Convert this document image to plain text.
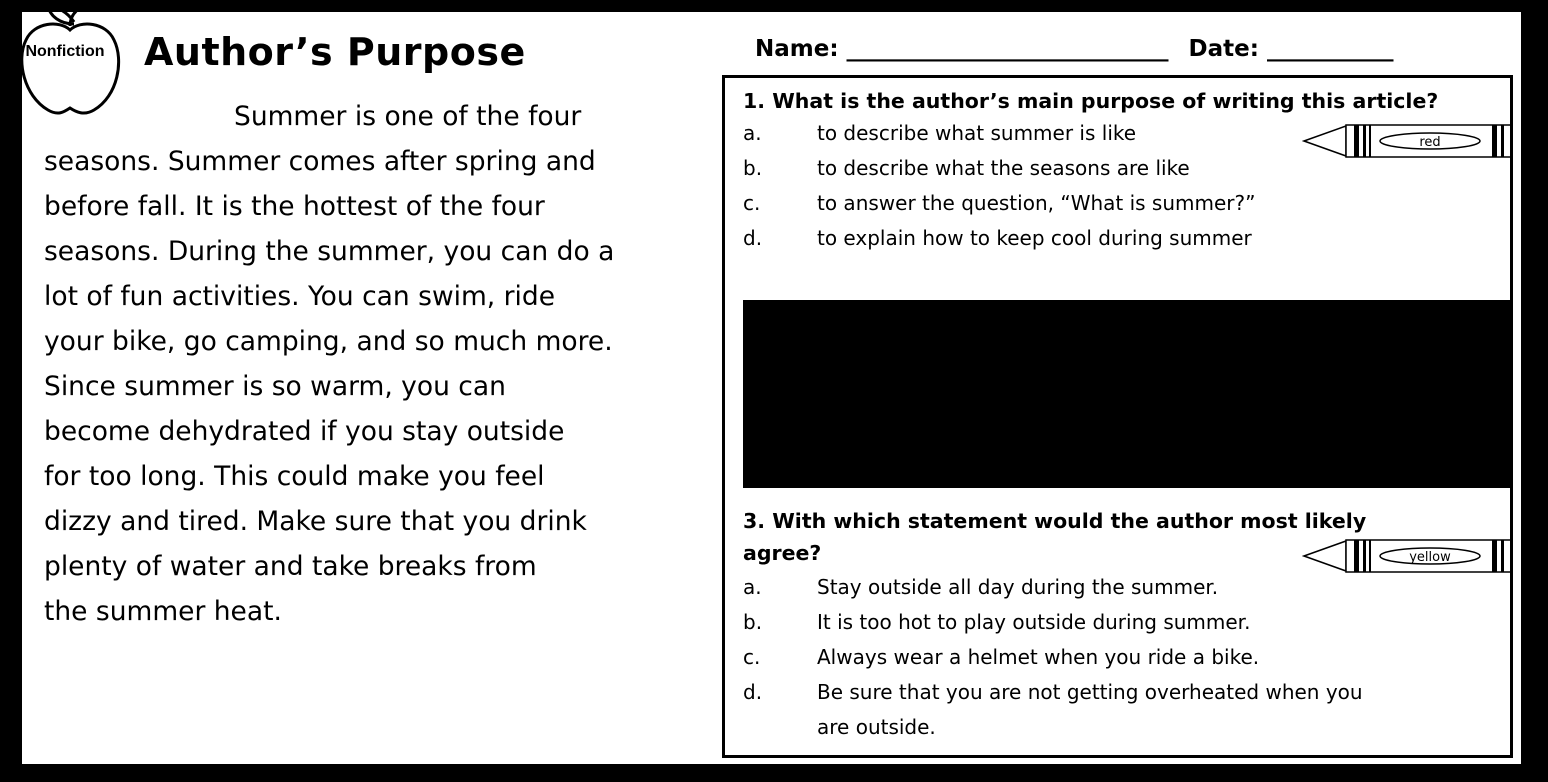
Nonfiction	Author’s Purpose	Name: ____________________________ Date: ___________
Summer is one of the four
seasons. Summer comes after spring and
before fall. It is the hottest of the four
seasons. During the summer, you can do a
lot of fun activities. You can swim, ride
your bike, go camping, and so much more.
Since summer is so warm, you can
become dehydrated if you stay outside
for too long. This could make you feel
dizzy and tired. Make sure that you drink
plenty of water and take breaks from
the summer heat.
1. What is the author’s main purpose of writing this article?
red
a.	to describe what summer is like
b.	to describe what the seasons are like
c.	to answer the question, “What is summer?”
d.	to explain how to keep cool during summer
3. With which statement would the author most likely
agree?	yellow
a.	Stay outside all day during the summer.
b.	It is too hot to play outside during summer.
c.	Always wear a helmet when you ride a bike.
d.	Be sure that you are not getting overheated when you
are outside.
